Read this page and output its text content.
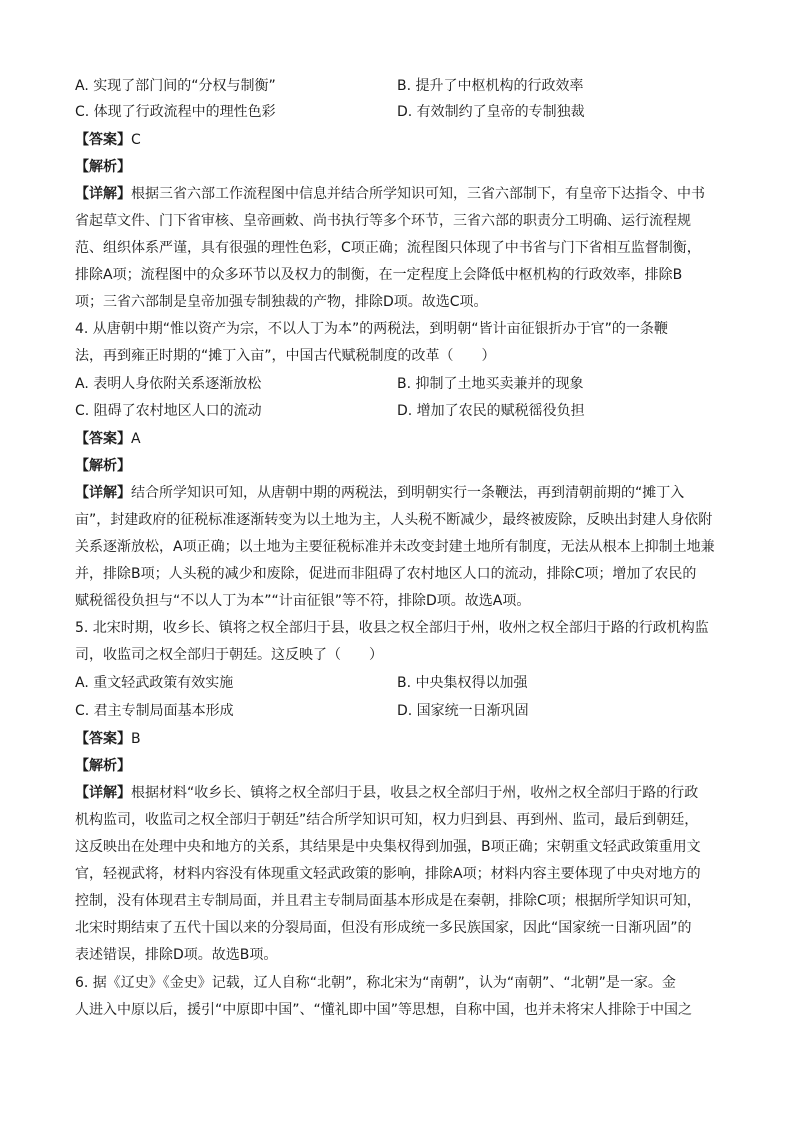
A. 实现了部门间的“分权与制衡”	B. 提升了中枢机构的行政效率
C. 体现了行政流程中的理性色彩	D. 有效制约了皇帝的专制独裁
【答案】C
【解析】
【详解】根据三省六部工作流程图中信息并结合所学知识可知，三省六部制下，有皇帝下达指令、中书
省起草文件、门下省审核、皇帝画敕、尚书执行等多个环节，三省六部的职责分工明确、运行流程规
范、组织体系严谨，具有很强的理性色彩，C项正确；流程图只体现了中书省与门下省相互监督制衡，
排除A项；流程图中的众多环节以及权力的制衡，在一定程度上会降低中枢机构的行政效率，排除B
项；三省六部制是皇帝加强专制独裁的产物，排除D项。故选C项。
4. 从唐朝中期“惟以资产为宗，不以人丁为本”的两税法，到明朝“皆计亩征银折办于官”的一条鞭
法，再到雍正时期的“摊丁入亩”，中国古代赋税制度的改革（　　）
A. 表明人身依附关系逐渐放松	B. 抑制了土地买卖兼并的现象
C. 阻碍了农村地区人口的流动	D. 增加了农民的赋税徭役负担
【答案】A
【解析】
【详解】结合所学知识可知，从唐朝中期的两税法，到明朝实行一条鞭法，再到清朝前期的“摊丁入
亩”，封建政府的征税标准逐渐转变为以土地为主，人头税不断减少，最终被废除，反映出封建人身依附
关系逐渐放松，A项正确；以土地为主要征税标准并未改变封建土地所有制度，无法从根本上抑制土地兼
并，排除B项；人头税的减少和废除，促进而非阻碍了农村地区人口的流动，排除C项；增加了农民的
赋税徭役负担与“不以人丁为本”“计亩征银”等不符，排除D项。故选A项。
5. 北宋时期，收乡长、镇将之权全部归于县，收县之权全部归于州，收州之权全部归于路的行政机构监
司，收监司之权全部归于朝廷。这反映了（　　）
A. 重文轻武政策有效实施	B. 中央集权得以加强
C. 君主专制局面基本形成	D. 国家统一日渐巩固
【答案】B
【解析】
【详解】根据材料“收乡长、镇将之权全部归于县，收县之权全部归于州，收州之权全部归于路的行政
机构监司，收监司之权全部归于朝廷”结合所学知识可知，权力归到县、再到州、监司，最后到朝廷，
这反映出在处理中央和地方的关系，其结果是中央集权得到加强，B项正确；宋朝重文轻武政策重用文
官，轻视武将，材料内容没有体现重文轻武政策的影响，排除A项；材料内容主要体现了中央对地方的
控制，没有体现君主专制局面，并且君主专制局面基本形成是在秦朝，排除C项；根据所学知识可知，
北宋时期结束了五代十国以来的分裂局面，但没有形成统一多民族国家，因此“国家统一日渐巩固”的
表述错误，排除D项。故选B项。
6. 据《辽史》《金史》记载，辽人自称“北朝”，称北宋为“南朝”，认为“南朝”、“北朝”是一家。金
人进入中原以后，援引“中原即中国”、“懂礼即中国”等思想，自称中国，也并未将宋人排除于中国之
